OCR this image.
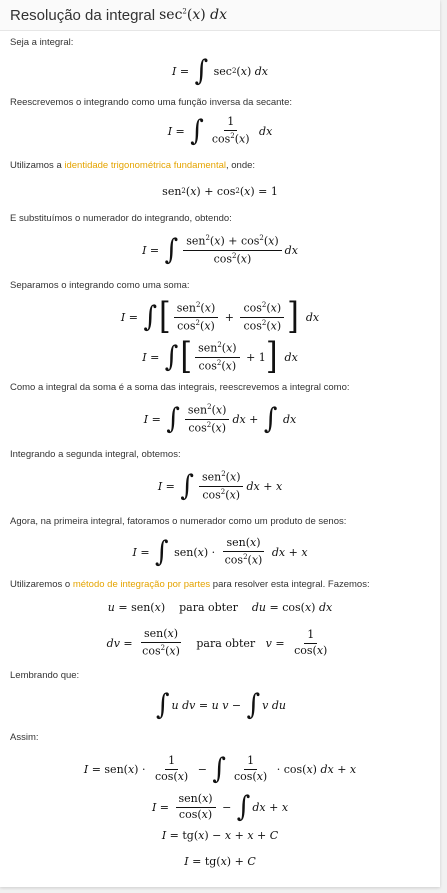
Resolução da integral $\sec^2(x)$ dx

Seja a integral:

I = ∫ sec 2 ( x ) dx

Reescrevemos o integrando como uma função inversa da secante:

I = ∫ $\frac{1}{\cos^2(x)}$
dx

Utilizamos a identidade trigonométrica fundamental, onde:

sen 2 ( x ) + cos 2 ( x ) = 1

E substituímos o numerador do integrando, obtendo:

I = ∫ $\frac{sen^2(x) + \cos^2(x)}{\cos^2(x)}$ dx

Separamos o integrando como uma soma:

I = ∫ [ $\frac{sen^2(x)}{\cos^2(x)} + \frac{\cos^2(x)}{\cos^2(x)}$ ]
dx
I = ∫ [ $\frac{sen^2(x)}{\cos^2(x)} + 1$ ]
dx

Como a integral da soma é a soma das integrais, reescrevemos a integral como:

I = ∫ $\frac{sen^2(x)}{\cos^2(x)}$ dx + ∫
dx

Integrando a segunda integral, obtemos:

I = ∫ $\frac{sen^2(x)}{\cos^2(x)}$ dx + x

Agora, na primeira integral, fatoramos o numerador como um produto de senos:

I = ∫ sen( x ) · $\frac{\text{sen(x)}}{\cos^2(x)}$
dx + x

Utilizaremos o método de integração por partes para resolver esta integral. Fazemos:

u = sen( x ) para obter
du = cos( x ) dx
dv = $\frac{\text{sen(x)}}{\cos^2(x)}$
para obter
$v = \frac{1}{\cos(x)}$

Lembrando que:

∫ u
dv = u
v − ∫ v
du

Assim:

I = sen( x ) · $\frac{1}{\cos(x)}$ − ∫ $\frac{1}{\cos(x)} \cdot \cos$( x ) dx + x
$I = \frac{\text{sen(x)}}{\cos(x)}$ − ∫ dx + x
I = tg( x ) − x + x + C
I = tg( x ) + C
